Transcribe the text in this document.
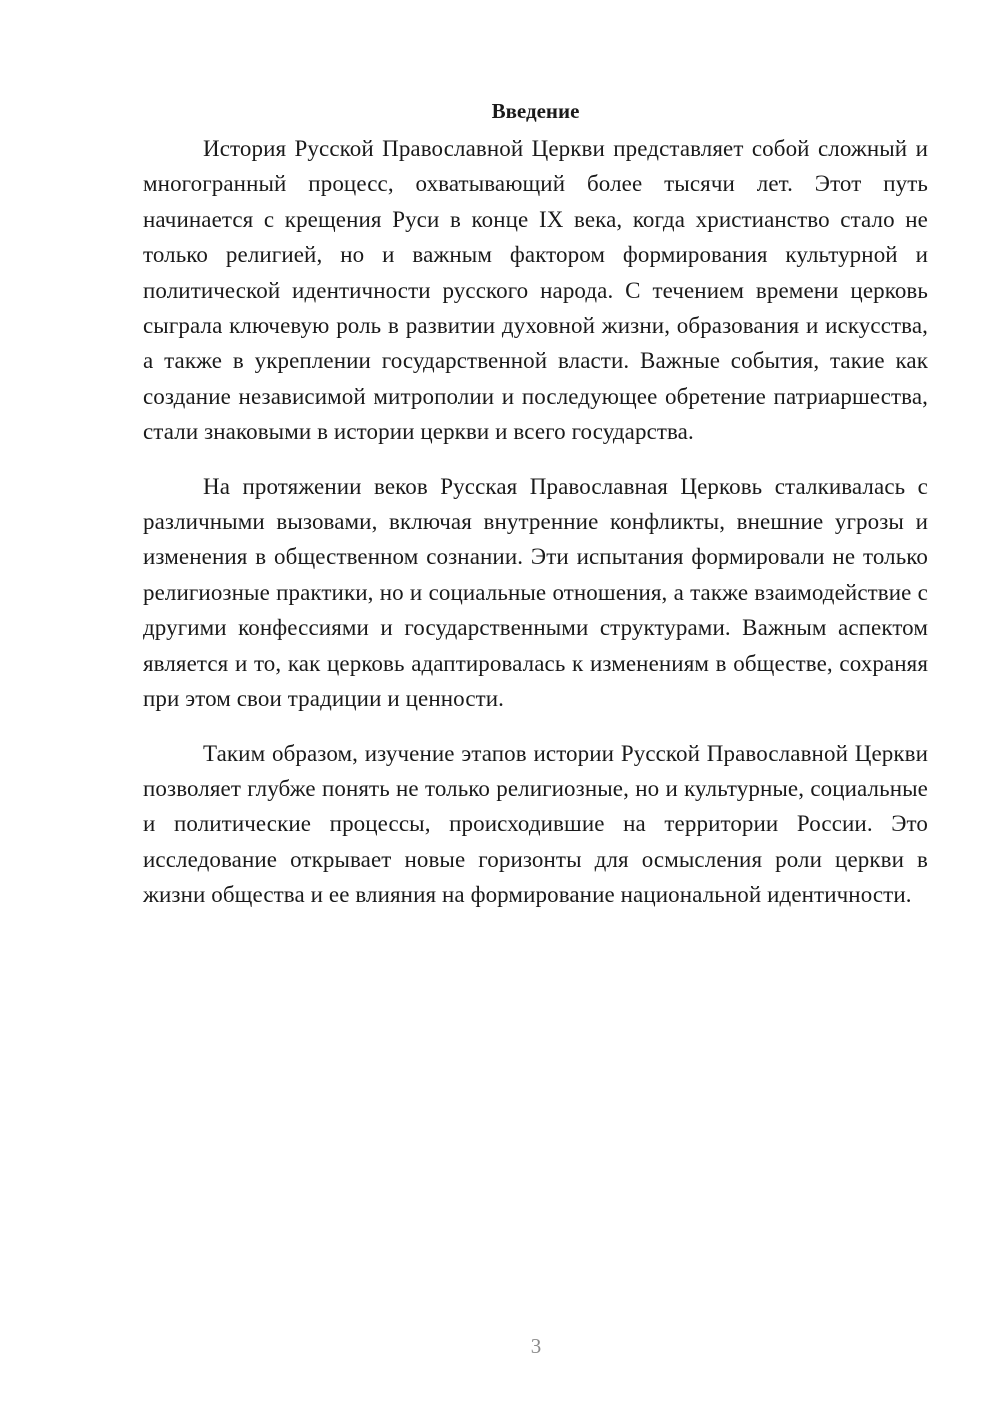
Введение

История Русской Православной Церкви представляет собой сложный и многогранный процесс, охватывающий более тысячи лет. Этот путь начинается с крещения Руси в конце IX века, когда христианство стало не только религией, но и важным фактором формирования культурной и политической идентичности русского народа. С течением времени церковь сыграла ключевую роль в развитии духовной жизни, образования и искусства, а также в укреплении государственной власти. Важные события, такие как создание независимой митрополии и последующее обретение патриаршества, стали знаковыми в истории церкви и всего государства.

На протяжении веков Русская Православная Церковь сталкивалась с различными вызовами, включая внутренние конфликты, внешние угрозы и изменения в общественном сознании. Эти испытания формировали не только религиозные практики, но и социальные отношения, а также взаимодействие с другими конфессиями и государственными структурами. Важным аспектом является и то, как церковь адаптировалась к изменениям в обществе, сохраняя при этом свои традиции и ценности.

Таким образом, изучение этапов истории Русской Православной Церкви позволяет глубже понять не только религиозные, но и культурные, социальные и политические процессы, происходившие на территории России. Это исследование открывает новые горизонты для осмысления роли церкви в жизни общества и ее влияния на формирование национальной идентичности.

3
